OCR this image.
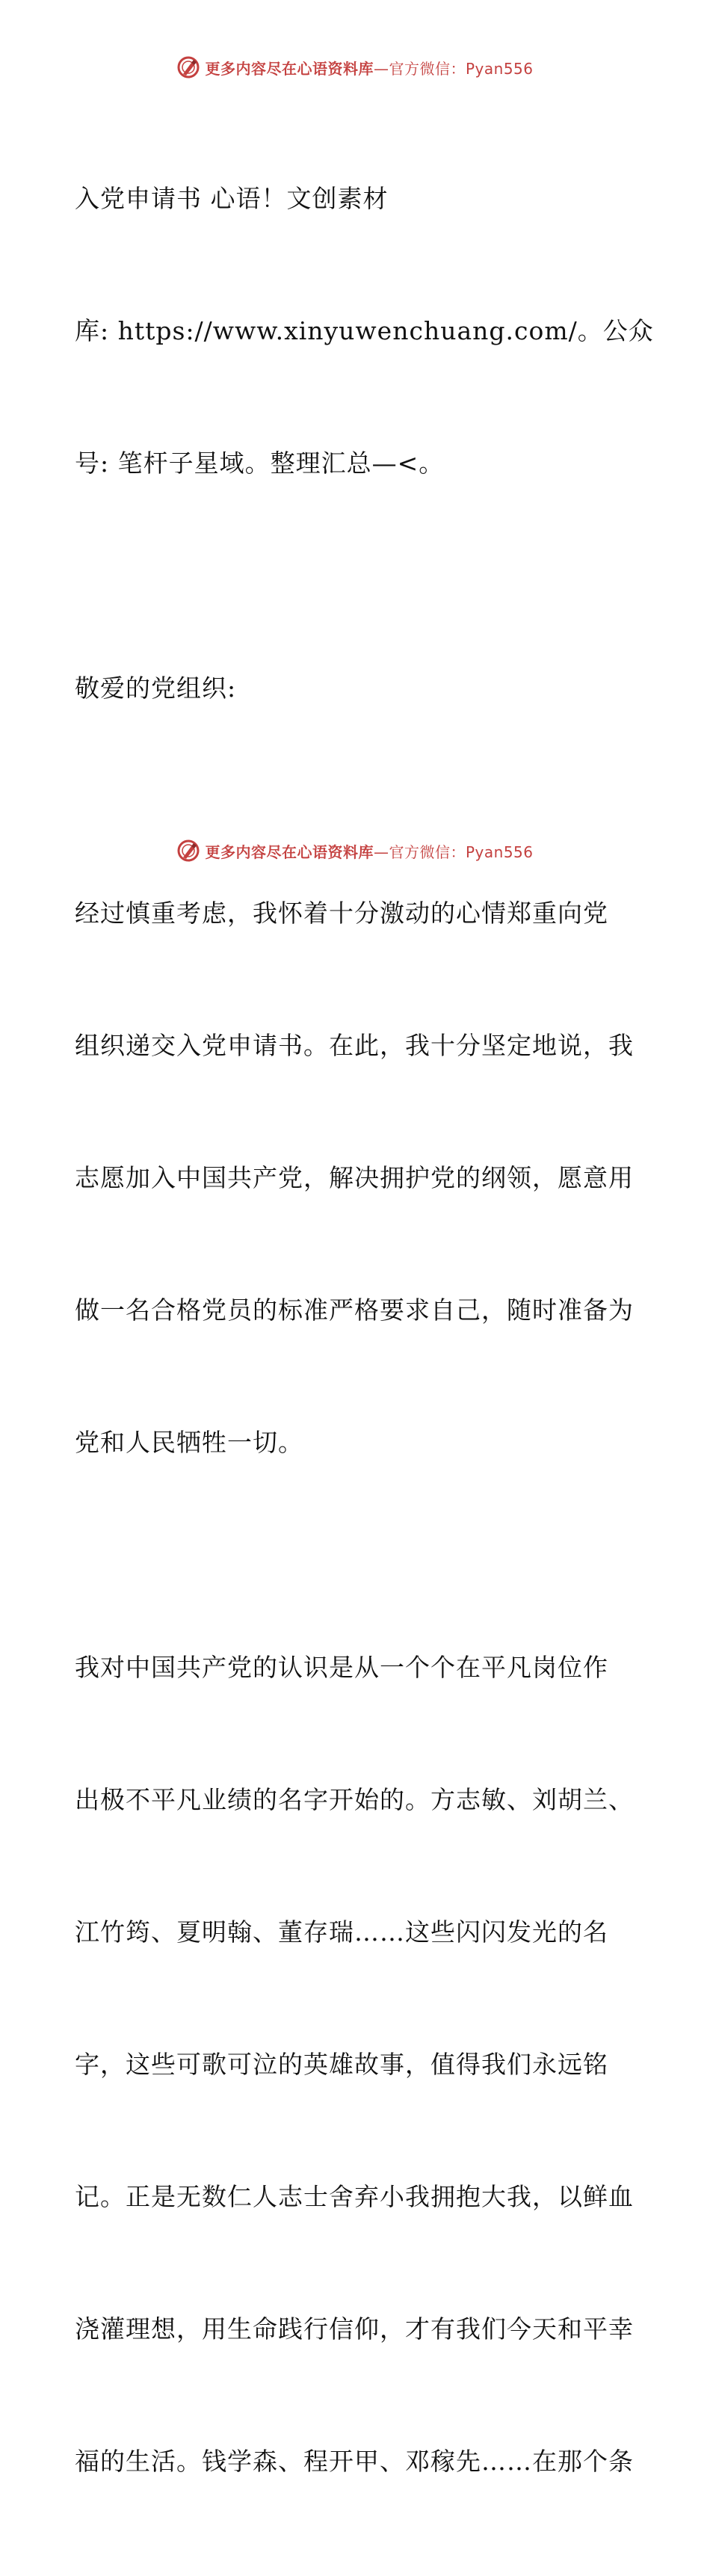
更多内容尽在心语资料库—官方微信：Pyan556

入党申请书 心语！文创素材

库: https://www.xinyuwenchuang.com/。公众

号: 笔杆子星域。整理汇总—<。

敬爱的党组织:

经过慎重考虑，我怀着十分激动的心情郑重向党

组织递交入党申请书。在此，我十分坚定地说，我

志愿加入中国共产党，解决拥护党的纲领，愿意用

做一名合格党员的标准严格要求自己，随时准备为

党和人民牺牲一切。

我对中国共产党的认识是从一个个在平凡岗位作

出极不平凡业绩的名字开始的。方志敏、刘胡兰、

江竹筠、夏明翰、董存瑞……这些闪闪发光的名

字，这些可歌可泣的英雄故事，值得我们永远铭

记。正是无数仁人志士舍弃小我拥抱大我，以鲜血

浇灌理想，用生命践行信仰，才有我们今天和平幸

福的生活。钱学森、程开甲、邓稼先……在那个条

更多内容尽在心语资料库—官方微信：Pyan556
